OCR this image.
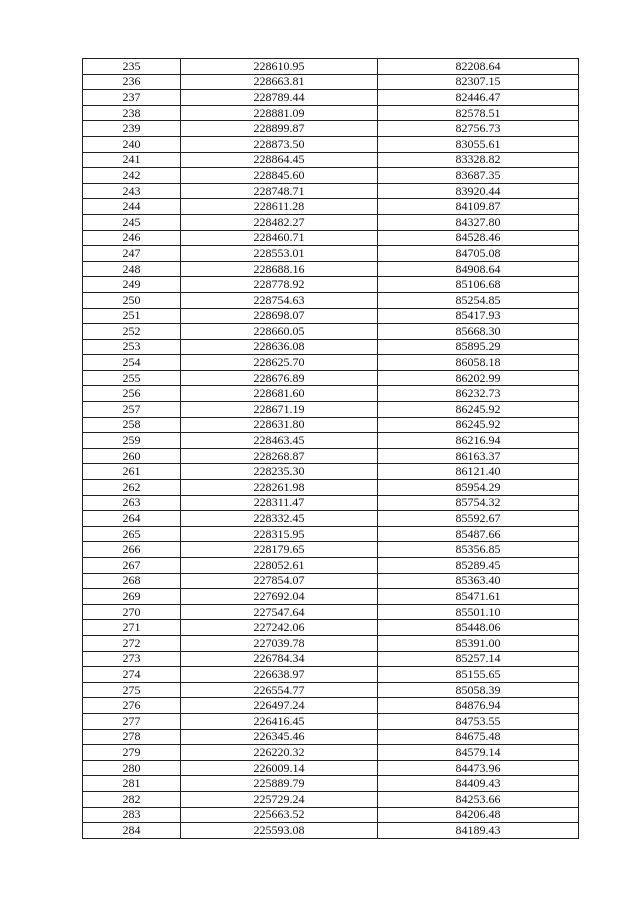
235	228610.95	82208.64
236	228663.81	82307.15
237	228789.44	82446.47
238	228881.09	82578.51
239	228899.87	82756.73
240	228873.50	83055.61
241	228864.45	83328.82
242	228845.60	83687.35
243	228748.71	83920.44
244	228611.28	84109.87
245	228482.27	84327.80
246	228460.71	84528.46
247	228553.01	84705.08
248	228688.16	84908.64
249	228778.92	85106.68
250	228754.63	85254.85
251	228698.07	85417.93
252	228660.05	85668.30
253	228636.08	85895.29
254	228625.70	86058.18
255	228676.89	86202.99
256	228681.60	86232.73
257	228671.19	86245.92
258	228631.80	86245.92
259	228463.45	86216.94
260	228268.87	86163.37
261	228235.30	86121.40
262	228261.98	85954.29
263	228311.47	85754.32
264	228332.45	85592.67
265	228315.95	85487.66
266	228179.65	85356.85
267	228052.61	85289.45
268	227854.07	85363.40
269	227692.04	85471.61
270	227547.64	85501.10
271	227242.06	85448.06
272	227039.78	85391.00
273	226784.34	85257.14
274	226638.97	85155.65
275	226554.77	85058.39
276	226497.24	84876.94
277	226416.45	84753.55
278	226345.46	84675.48
279	226220.32	84579.14
280	226009.14	84473.96
281	225889.79	84409.43
282	225729.24	84253.66
283	225663.52	84206.48
284	225593.08	84189.43
